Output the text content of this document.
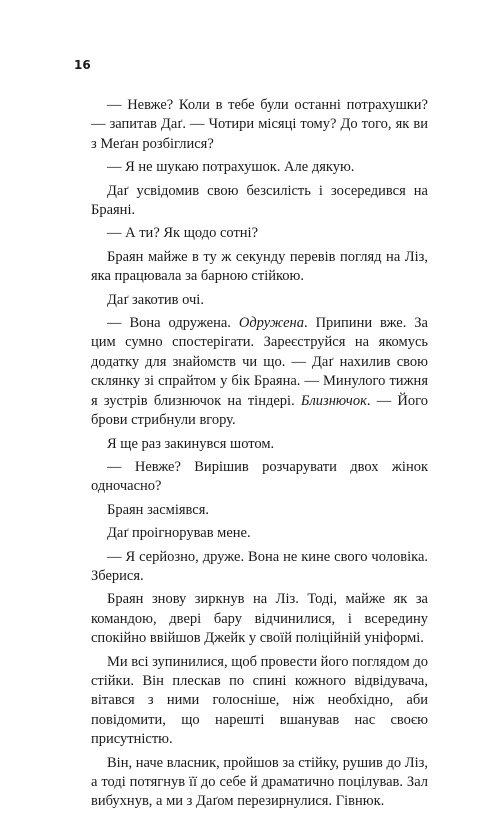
16

— Невже? Коли в тебе були останні потрахушки? — запитав Даґ. — Чотири місяці тому? До того, як ви з Меґан розбіглися?

— Я не шукаю потрахушок. Але дякую.

Даґ усвідомив свою безсилість і зосередився на Браяні.

— А ти? Як щодо сотні?

Браян майже в ту ж секунду перевів погляд на Ліз, яка працювала за барною стійкою.

Даґ закотив очі.

— Вона одружена. Одружена. Припини вже. За цим сумно спостерігати. Зареєструйся на якомусь додатку для знайомств чи що. — Даґ нахилив свою склянку зі спрайтом у бік Браяна. — Минулого тижня я зустрів близнючок на тіндері. Близнючок. — Його брови стрибнули вгору.

Я ще раз закинувся шотом.

— Невже? Вирішив розчарувати двох жінок одночасно?

Браян засміявся.

Даґ проігнорував мене.

— Я серйозно, друже. Вона не кине свого чоловіка. Зберися.

Браян знову зиркнув на Ліз. Тоді, майже як за командою, двері бару відчинилися, і всередину спокійно ввійшов Джейк у своїй поліційній уніформі.

Ми всі зупинилися, щоб провести його поглядом до стійки. Він плескав по спині кожного відвідувача, вітався з ними голосніше, ніж необхідно, аби повідомити, що нарешті вшанував нас своєю присутністю.

Він, наче власник, пройшов за стійку, рушив до Ліз, а тоді потягнув її до себе й драматично поцілував. Зал вибухнув, а ми з Даґом перезирнулися. Гівнюк.
